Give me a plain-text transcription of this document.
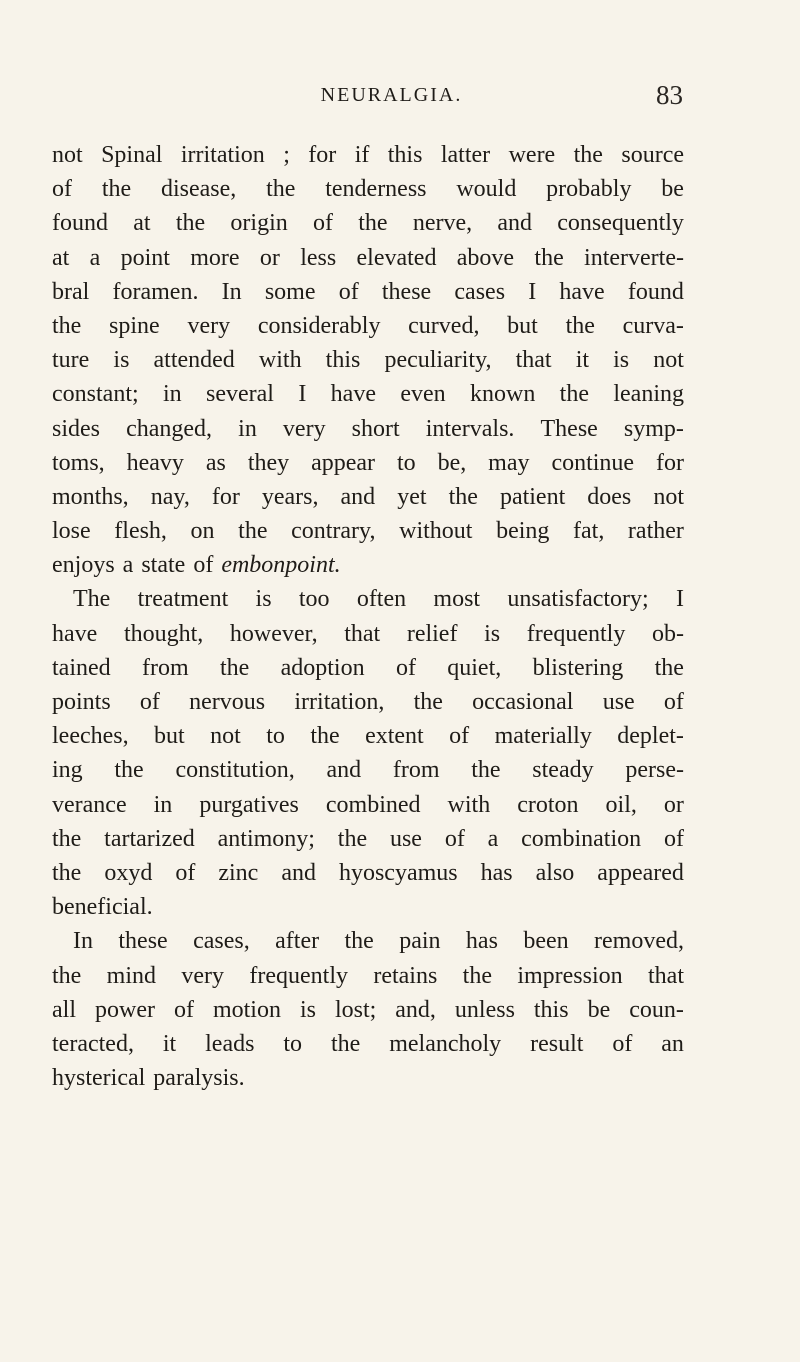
NEURALGIA.	83
not Spinal irritation ; for if this latter were the source
of the disease, the tenderness would probably be
found at the origin of the nerve, and consequently
at a point more or less elevated above the interverte-
bral foramen. In some of these cases I have found
the spine very considerably curved, but the curva-
ture is attended with this peculiarity, that it is not
constant; in several I have even known the leaning
sides changed, in very short intervals. These symp-
toms, heavy as they appear to be, may continue for
months, nay, for years, and yet the patient does not
lose flesh, on the contrary, without being fat, rather
enjoys a state of embonpoint.
The treatment is too often most unsatisfactory; I
have thought, however, that relief is frequently ob-
tained from the adoption of quiet, blistering the
points of nervous irritation, the occasional use of
leeches, but not to the extent of materially deplet-
ing the constitution, and from the steady perse-
verance in purgatives combined with croton oil, or
the tartarized antimony; the use of a combination of
the oxyd of zinc and hyoscyamus has also appeared
beneficial.
In these cases, after the pain has been removed,
the mind very frequently retains the impression that
all power of motion is lost; and, unless this be coun-
teracted, it leads to the melancholy result of an
hysterical paralysis.
